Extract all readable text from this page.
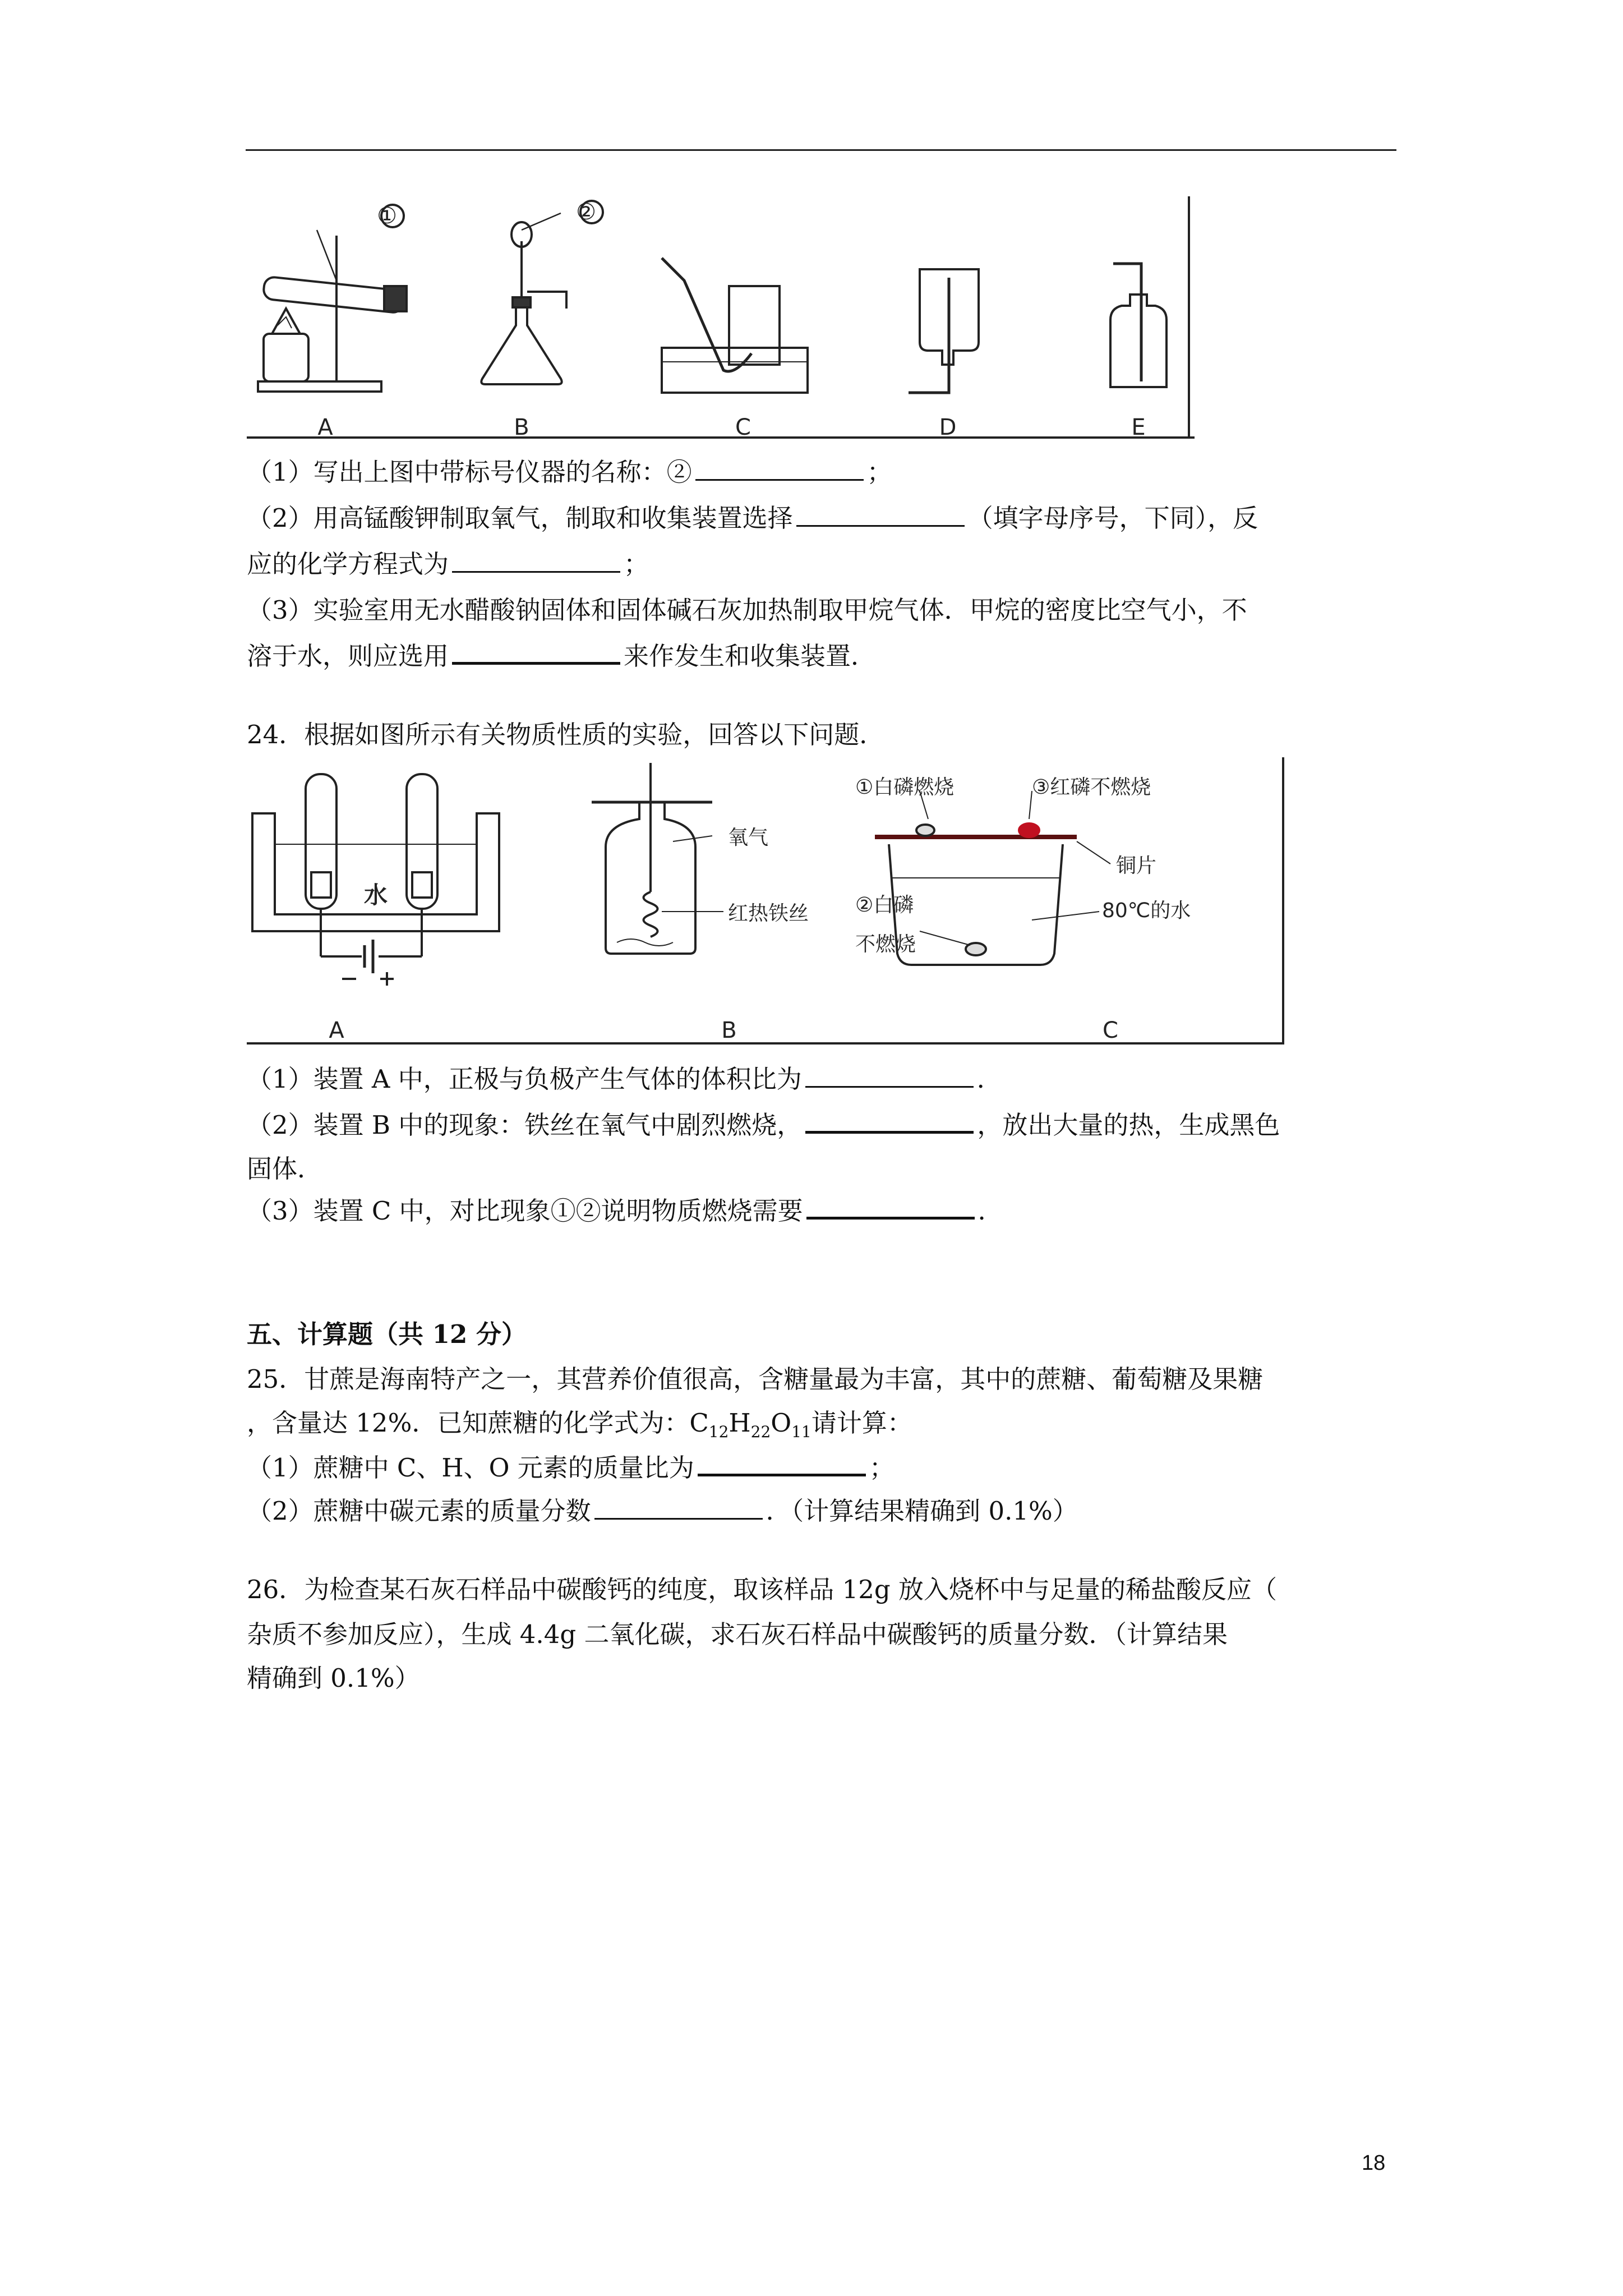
①	②
A	B	C	D	E
（1）写出上图中带标号仪器的名称：②	；
（2）用高锰酸钾制取氧气，制取和收集装置选择	（填字母序号，下同），反
应的化学方程式为	；
（3）实验室用无水醋酸钠固体和固体碱石灰加热制取甲烷气体．甲烷的密度比空气小，不
溶于水，则应选用	来作发生和收集装置．
24．根据如图所示有关物质性质的实验，回答以下问题．
水
氧气
红热铁丝
①白磷燃烧	③红磷不燃烧
铜片
②白磷
不燃烧
80℃的水
A	B	C
（1）装置 A 中，正极与负极产生气体的体积比为	．
（2）装置 B 中的现象：铁丝在氧气中剧烈燃烧，	，放出大量的热，生成黑色
固体．
（3）装置 C 中，对比现象①②说明物质燃烧需要	．
五、计算题（共 12 分）
25．甘蔗是海南特产之一，其营养价值很高，含糖量最为丰富，其中的蔗糖、葡萄糖及果糖
，含量达 12%．已知蔗糖的化学式为：$C_{12}H_{22}O_{11}$请计算：
（1）蔗糖中 C、H、O 元素的质量比为	；
（2）蔗糖中碳元素的质量分数	．（计算结果精确到 0.1%）
26．为检查某石灰石样品中碳酸钙的纯度，取该样品 12g 放入烧杯中与足量的稀盐酸反应（
杂质不参加反应），生成 4.4g 二氧化碳，求石灰石样品中碳酸钙的质量分数．（计算结果
精确到 0.1%）
18
